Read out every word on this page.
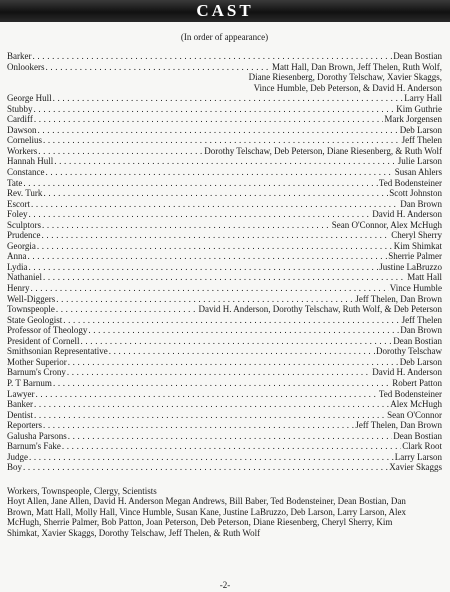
CAST
(In order of appearance)
Barker . . .	Dean Bostian
Onlookers . . .	Matt Hall, Dan Brown, Jeff Thelen, Ruth Wolf,
Diane Riesenberg, Dorothy Telschaw, Xavier Skaggs,
Vince Humble, Deb Peterson, & David H. Anderson
George Hull . . .	Larry Hall
Stubby . . .	Kim Guthrie
Cardiff . . .	Mark Jorgensen
Dawson . . .	Deb Larson
Cornelius . . .	Jeff Thelen
Workers . . .	Dorothy Telschaw, Deb Peterson, Diane Riesenberg, & Ruth Wolf
Hannah Hull . . .	Julie Larson
Constance . . .	Susan Ahlers
Tate . . .	Ted Bodensteiner
Rev. Turk . . .	Scott Johnston
Escort . . .	Dan Brown
Foley . . .	David H. Anderson
Sculptors . . .	Sean O'Connor, Alex McHugh
Prudence . . .	Cheryl Sherry
Georgia . . .	Kim Shimkat
Anna . . .	Sherrie Palmer
Lydia . . .	Justine LaBruzzo
Nathaniel . . .	Matt Hall
Henry . . .	Vince Humble
Well-Diggers . . .	Jeff Thelen, Dan Brown
Townspeople . . .	David H. Anderson, Dorothy Telschaw, Ruth Wolf, & Deb Peterson
State Geologist . . .	Jeff Thelen
Professor of Theology . . .	Dan Brown
President of Cornell . . .	Dean Bostian
Smithsonian Representative . . .	Dorothy Telschaw
Mother Superior . . .	Deb Larson
Barnum's Crony . . .	David H. Anderson
P. T Barnum . . .	Robert Patton
Lawyer . . .	Ted Bodensteiner
Banker . . .	Alex McHugh
Dentist . . .	Sean O'Connor
Reporters . . .	Jeff Thelen, Dan Brown
Galusha Parsons . . .	Dean Bostian
Barnum's Fake . . .	Clark Root
Judge . . .	Larry Larson
Boy . . .	Xavier Skaggs
Workers, Townspeople, Clergy, Scientists
Hoyt Allen, Jane Allen, David H. Anderson Megan Andrews, Bill Baber, Ted Bodensteiner, Dean Bostian, Dan
Brown, Matt Hall, Molly Hall, Vince Humble, Susan Kane, Justine LaBruzzo, Deb Larson, Larry Larson, Alex
McHugh, Sherrie Palmer, Bob Patton, Joan Peterson, Deb Peterson, Diane Riesenberg, Cheryl Sherry, Kim
Shimkat, Xavier Skaggs, Dorothy Telschaw, Jeff Thelen, & Ruth Wolf
-2-
